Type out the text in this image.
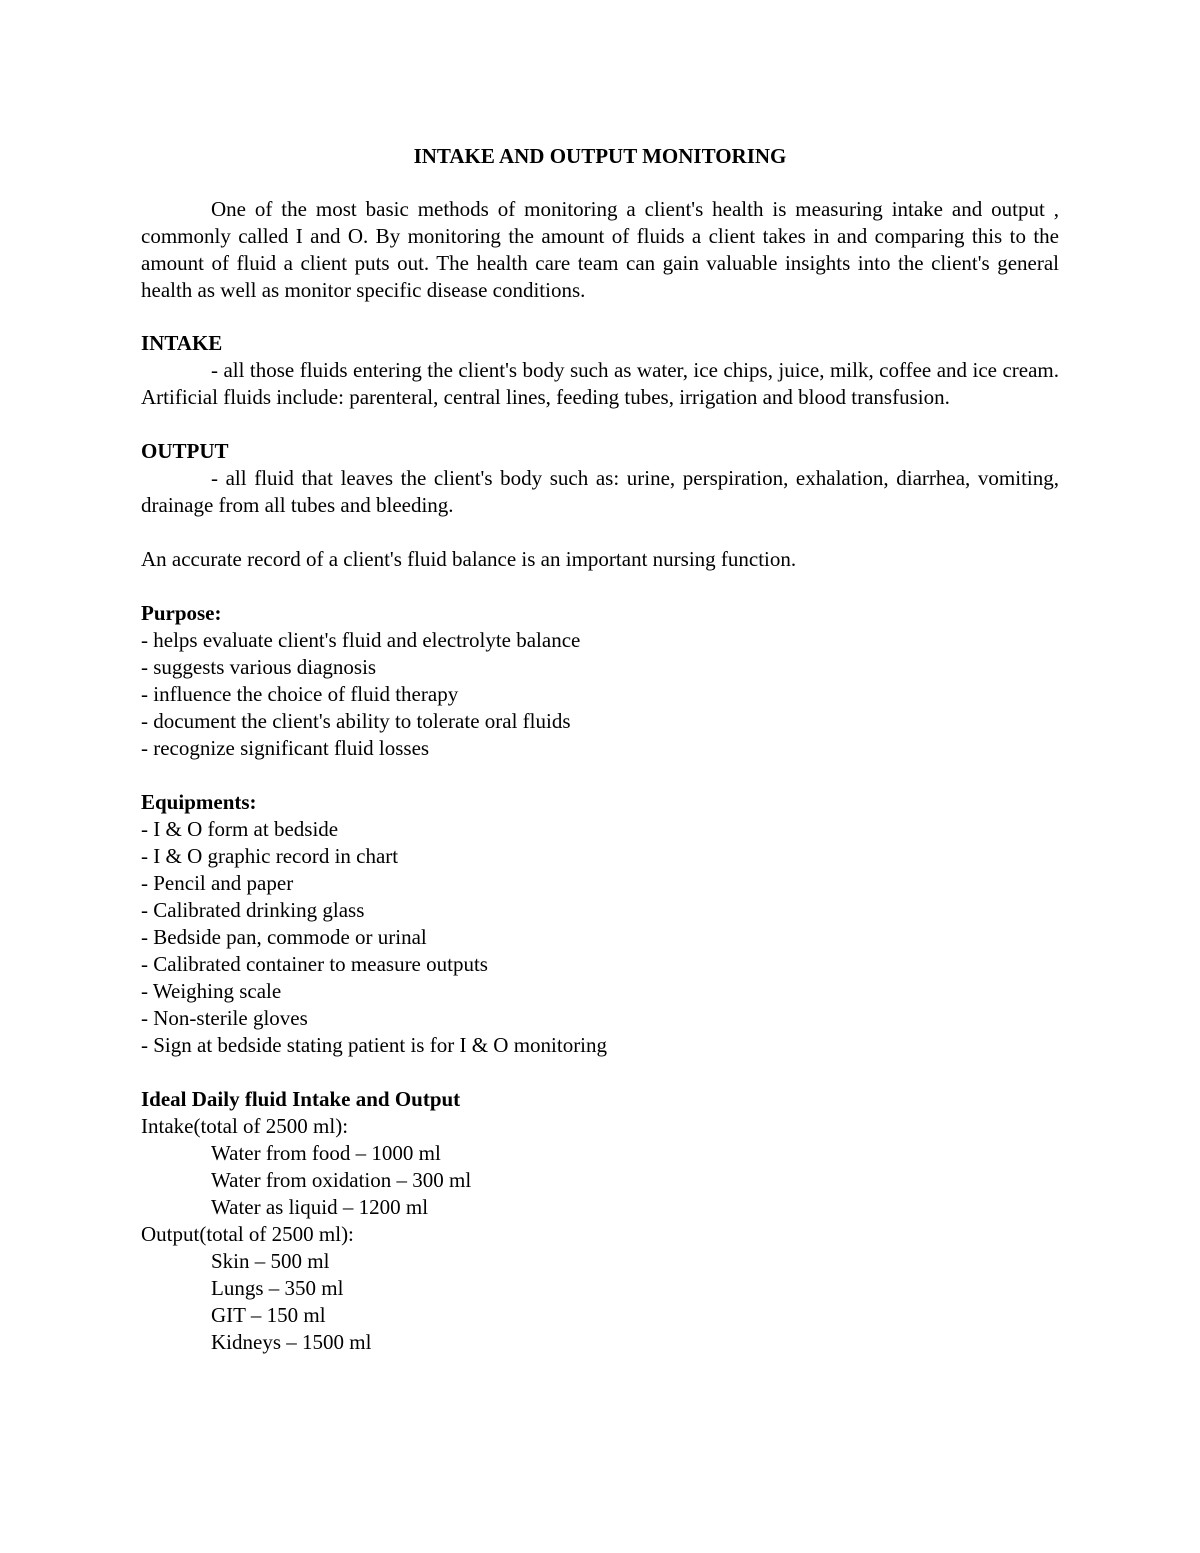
INTAKE AND OUTPUT MONITORING

One of the most basic methods of monitoring a client's health is measuring intake and output , commonly called I and O. By monitoring the amount of fluids a client takes in and comparing this to the amount of fluid a client puts out. The health care team can gain valuable insights into the client's general health as well as monitor specific disease conditions.

INTAKE

- all those fluids entering the client's body such as water, ice chips, juice, milk, coffee and ice cream. Artificial fluids include: parenteral, central lines, feeding tubes, irrigation and blood transfusion.

OUTPUT

- all fluid that leaves the client's body such as: urine, perspiration, exhalation, diarrhea, vomiting, drainage from all tubes and bleeding.

An accurate record of a client's fluid balance is an important nursing function.
Purpose:
- helps evaluate client's fluid and electrolyte balance
- suggests various diagnosis
- influence the choice of fluid therapy
- document the client's ability to tolerate oral fluids
- recognize significant fluid losses
Equipments:
- I & O form at bedside
- I & O graphic record in chart
- Pencil and paper
- Calibrated drinking glass
- Bedside pan, commode or urinal
- Calibrated container to measure outputs
- Weighing scale
- Non-sterile gloves
- Sign at bedside stating patient is for I & O monitoring
Ideal Daily fluid Intake and Output
Intake(total of 2500 ml):
Water from food – 1000 ml
Water from oxidation – 300 ml
Water as liquid – 1200 ml
Output(total of 2500 ml):
Skin – 500 ml
Lungs – 350 ml
GIT – 150 ml
Kidneys – 1500 ml
